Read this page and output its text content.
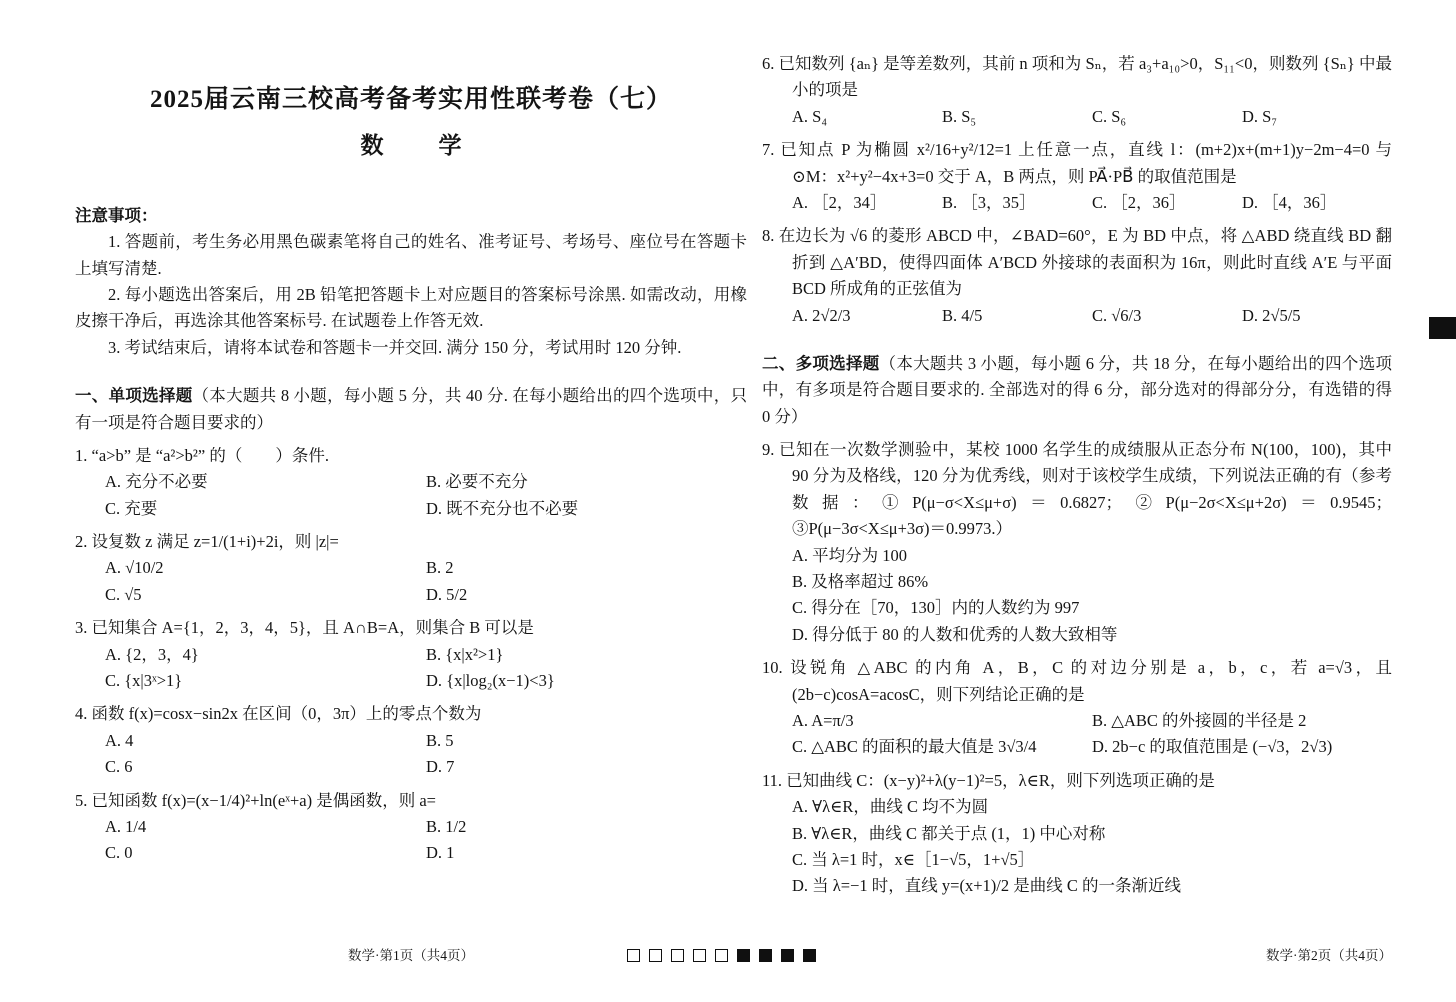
2025届云南三校高考备考实用性联考卷（七）
数　学

注意事项：

1. 答题前，考生务必用黑色碳素笔将自己的姓名、准考证号、考场号、座位号在答题卡上填写清楚.

2. 每小题选出答案后，用 2B 铅笔把答题卡上对应题目的答案标号涂黑. 如需改动，用橡皮擦干净后，再选涂其他答案标号. 在试题卷上作答无效.

3. 考试结束后，请将本试卷和答题卡一并交回. 满分 150 分，考试用时 120 分钟.

一、单项选择题（本大题共 8 小题，每小题 5 分，共 40 分. 在每小题给出的四个选项中，只有一项是符合题目要求的）

1. “a>b” 是 “a²>b²” 的（　　）条件.

A. 充分不必要	B. 必要不充分
C. 充要	D. 既不充分也不必要

2. 设复数 z 满足 z=1/(1+i)+2i，则 |z|=

A. √10/2	B. 2
C. √5	D. 5/2

3. 已知集合 A={1，2，3，4，5}，且 A∩B=A，则集合 B 可以是

A. {2，3，4}	B. {x|x²>1}
C. {x|3ˣ>1}	D. {x|log₂(x−1)<3}

4. 函数 f(x)=cosx−sin2x 在区间（0，3π）上的零点个数为

A. 4	B. 5
C. 6	D. 7

5. 已知函数 f(x)=(x−1/4)²+ln(eˣ+a) 是偶函数，则 a=

A. 1/4	B. 1/2
C. 0	D. 1

6. 已知数列 {aₙ} 是等差数列，其前 n 项和为 Sₙ，若 a₃+a₁₀>0，S₁₁<0，则数列 {Sₙ} 中最小的项是

A. S₄	B. S₅	C. S₆	D. S₇

7. 已知点 P 为椭圆 x²/16+y²/12=1 上任意一点，直线 l：(m+2)x+(m+1)y−2m−4=0 与 ⊙M：x²+y²−4x+3=0 交于 A，B 两点，则 PA⃗·PB⃗ 的取值范围是

A. ［2，34］	B. ［3，35］	C. ［2，36］	D. ［4，36］

8. 在边长为 √6 的菱形 ABCD 中，∠BAD=60°，E 为 BD 中点，将 △ABD 绕直线 BD 翻折到 △A′BD，使得四面体 A′BCD 外接球的表面积为 16π，则此时直线 A′E 与平面 BCD 所成角的正弦值为

A. 2√2/3	B. 4/5	C. √6/3	D. 2√5/5

二、多项选择题（本大题共 3 小题，每小题 6 分，共 18 分，在每小题给出的四个选项中，有多项是符合题目要求的. 全部选对的得 6 分，部分选对的得部分分，有选错的得 0 分）

9. 已知在一次数学测验中，某校 1000 名学生的成绩服从正态分布 N(100，100)，其中 90 分为及格线，120 分为优秀线，则对于该校学生成绩，下列说法正确的有（参考数据：①P(μ−σ<X≤μ+σ)＝0.6827；②P(μ−2σ<X≤μ+2σ)＝0.9545；③P(μ−3σ<X≤μ+3σ)＝0.9973.）

A. 平均分为 100
B. 及格率超过 86%
C. 得分在［70，130］内的人数约为 997
D. 得分低于 80 的人数和优秀的人数大致相等

10. 设锐角 △ABC 的内角 A，B，C 的对边分别是 a，b，c，若 a=√3，且 (2b−c)cosA=acosC，则下列结论正确的是

A. A=π/3	B. △ABC 的外接圆的半径是 2
C. △ABC 的面积的最大值是 3√3/4	D. 2b−c 的取值范围是 (−√3，2√3)

11. 已知曲线 C：(x−y)²+λ(y−1)²=5，λ∈R，则下列选项正确的是

A. ∀λ∈R，曲线 C 均不为圆
B. ∀λ∈R，曲线 C 都关于点 (1，1) 中心对称
C. 当 λ=1 时，x∈［1−√5，1+√5］
D. 当 λ=−1 时，直线 y=(x+1)/2 是曲线 C 的一条渐近线

数学·第1页（共4页）	数学·第2页（共4页）
